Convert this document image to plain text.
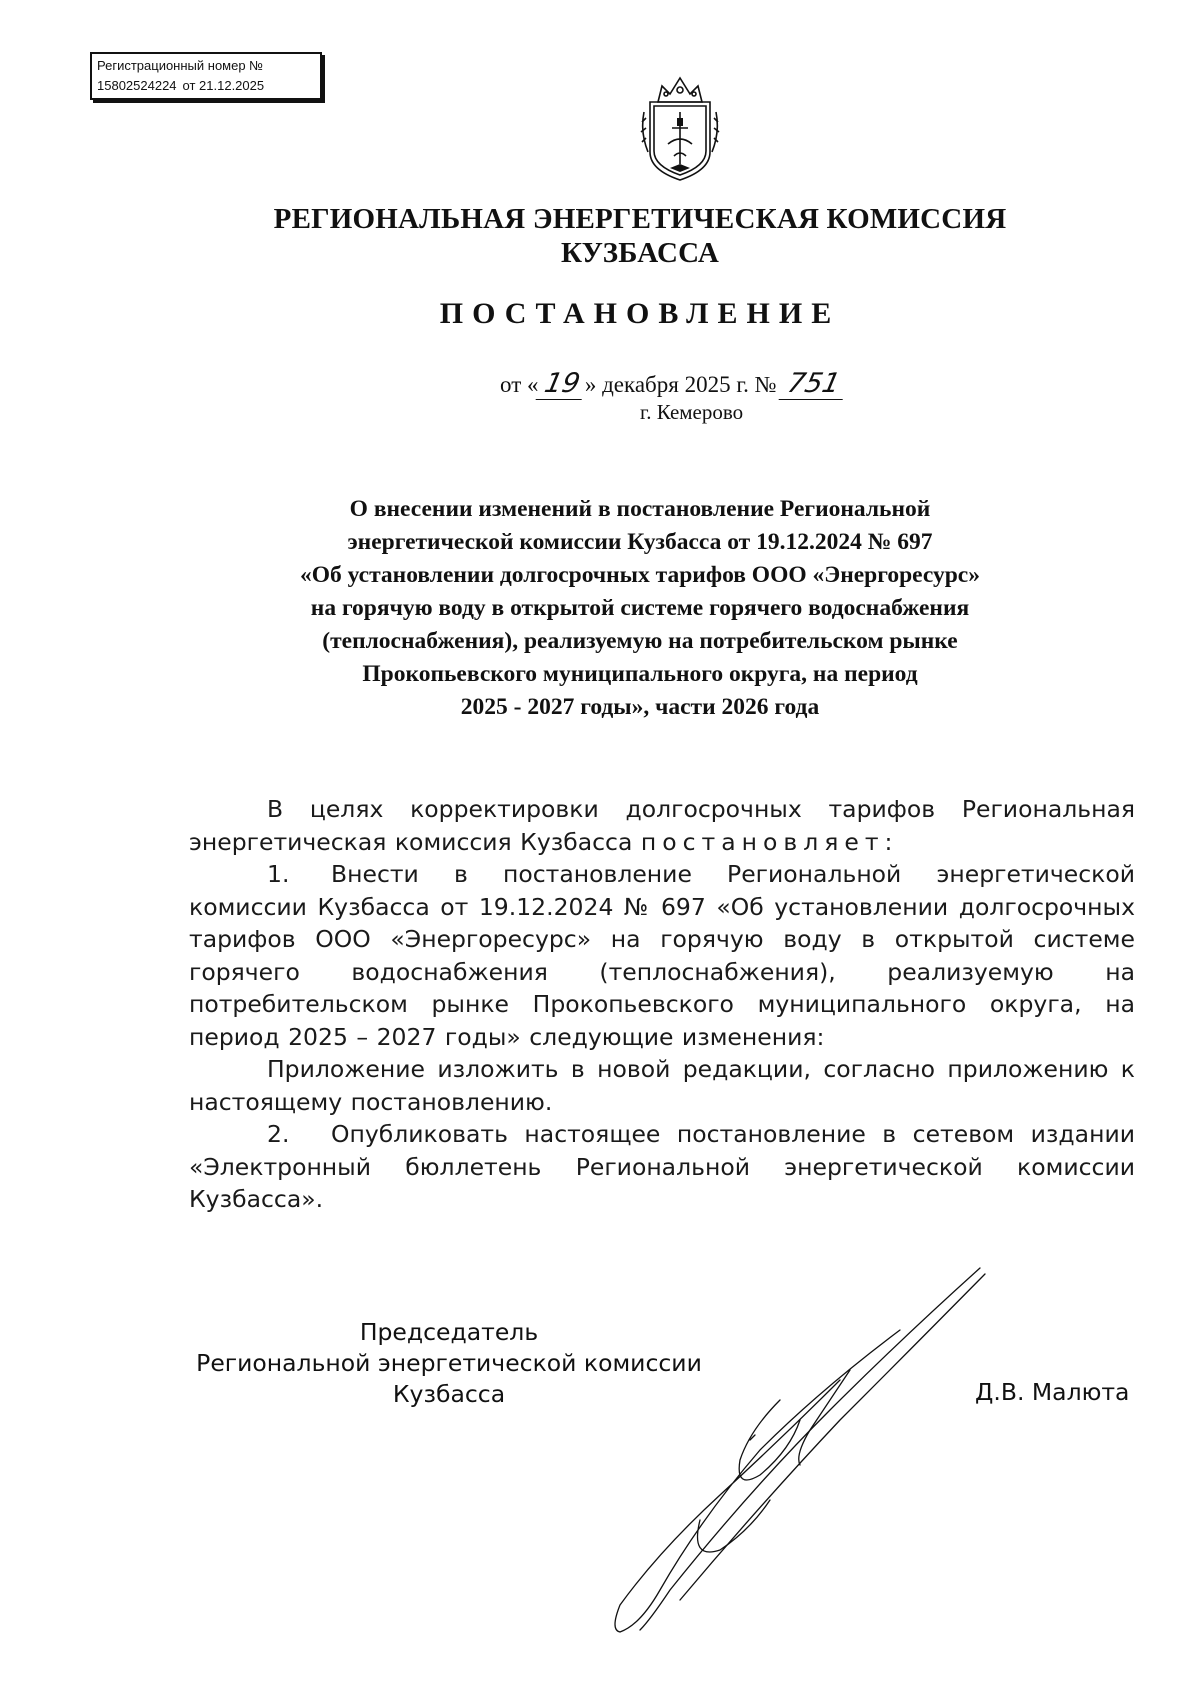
Регистрационный номер №
15802524224 от 21.12.2025
РЕГИОНАЛЬНАЯ ЭНЕРГЕТИЧЕСКАЯ КОМИССИЯ
КУЗБАССА
ПОСТАНОВЛЕНИЕ
от « 19 » декабря 2025 г. № 751
г. Кемерово
О внесении изменений в постановление Региональной
энергетической комиссии Кузбасса от 19.12.2024 № 697
«Об установлении долгосрочных тарифов ООО «Энергоресурс»
на горячую воду в открытой системе горячего водоснабжения
(теплоснабжения), реализуемую на потребительском рынке
Прокопьевского муниципального округа, на период
2025 - 2027 годы», части 2026 года

В целях корректировки долгосрочных тарифов Региональная энергетическая комиссия Кузбасса постановляет:

1. Внести в постановление Региональной энергетической комиссии Кузбасса от 19.12.2024 № 697 «Об установлении долгосрочных тарифов ООО «Энергоресурс» на горячую воду в открытой системе горячего водоснабжения (теплоснабжения), реализуемую на потребительском рынке Прокопьевского муниципального округа, на период 2025 – 2027 годы» следующие изменения:

Приложение изложить в новой редакции, согласно приложению к настоящему постановлению.

2. Опубликовать настоящее постановление в сетевом издании «Электронный бюллетень Региональной энергетической комиссии Кузбасса».

Председатель
Региональной энергетической комиссии
Кузбасса	Д.В. Малюта
